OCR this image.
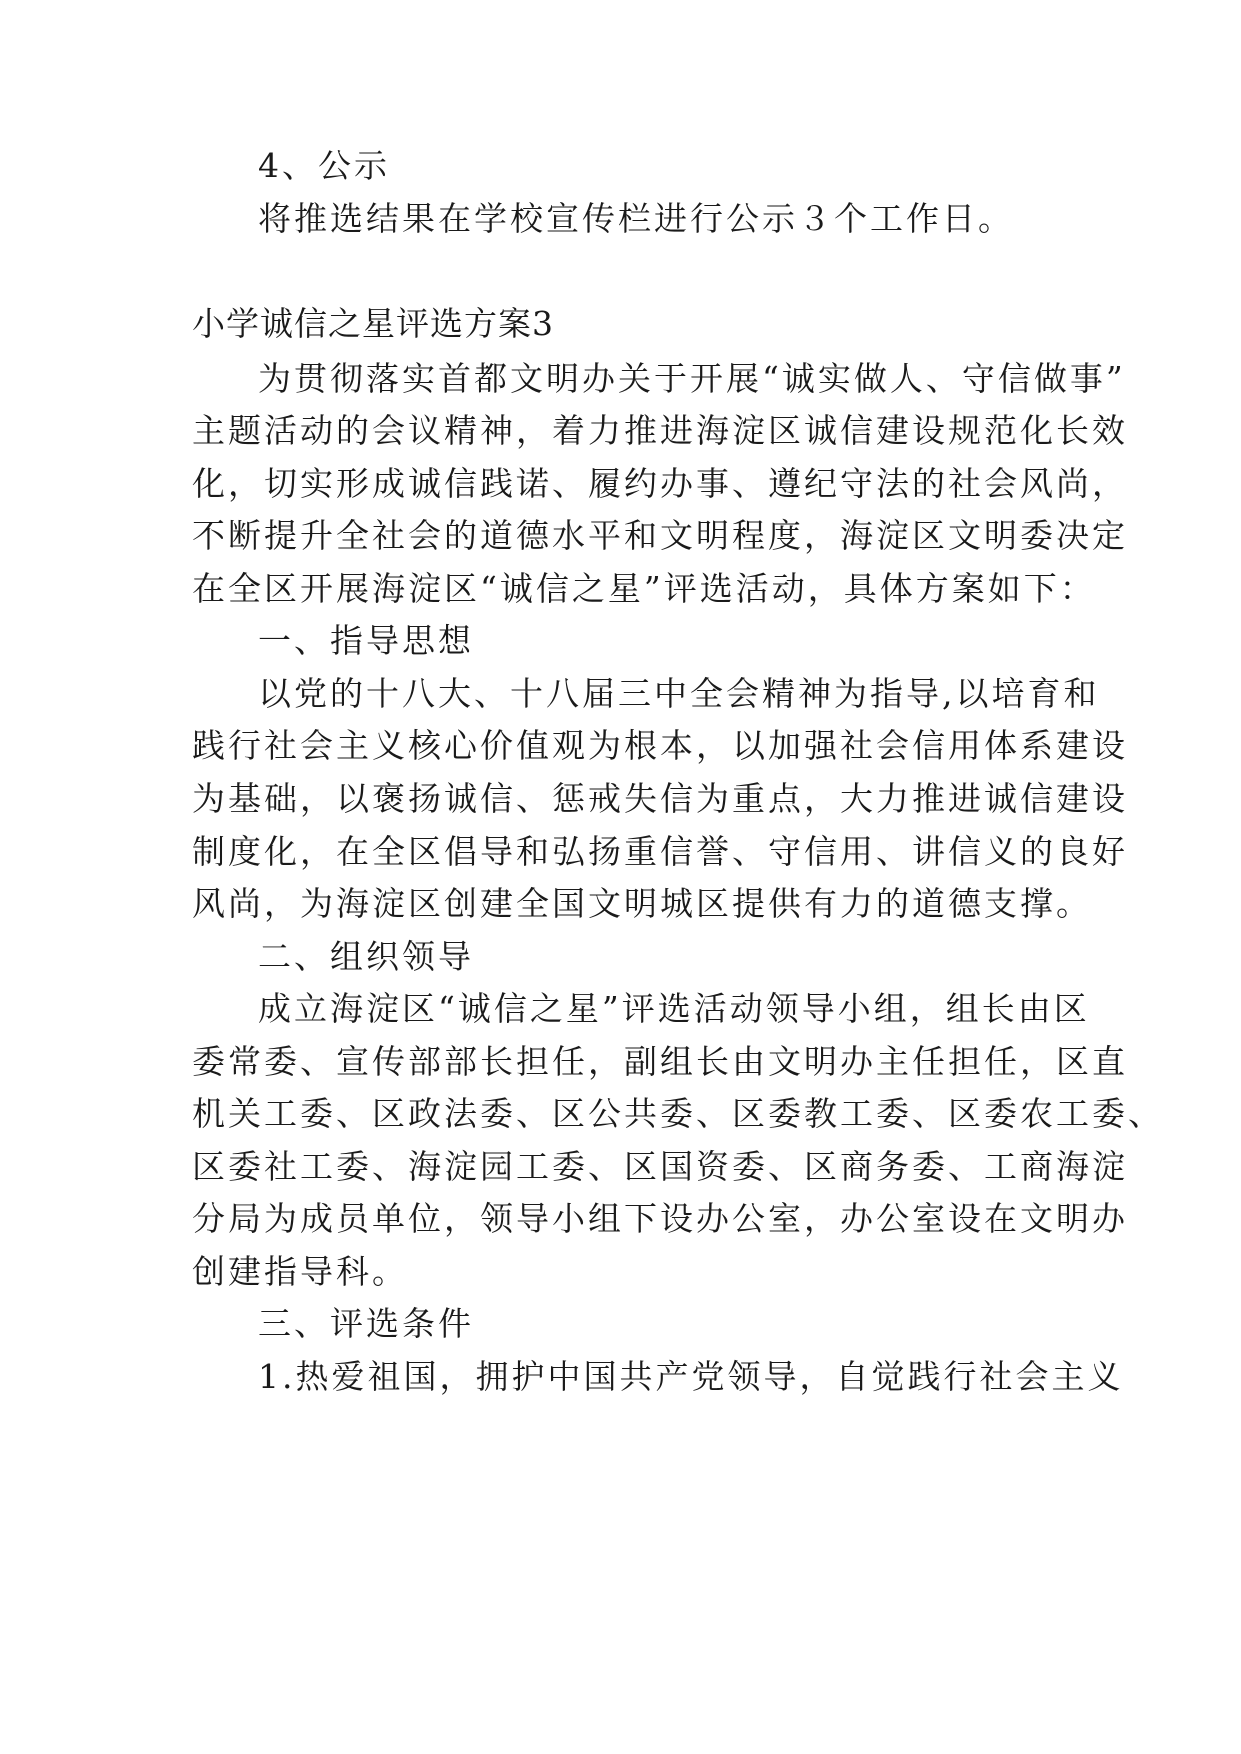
4、公示
将推选结果在学校宣传栏进行公示３个工作日。
小学诚信之星评选方案3
为贯彻落实首都文明办关于开展“诚实做人、守信做事”
主题活动的会议精神，着力推进海淀区诚信建设规范化长效
化，切实形成诚信践诺、履约办事、遵纪守法的社会风尚，
不断提升全社会的道德水平和文明程度，海淀区文明委决定
在全区开展海淀区“诚信之星”评选活动，具体方案如下：
一、指导思想
以党的十八大、十八届三中全会精神为指导,以培育和
践行社会主义核心价值观为根本，以加强社会信用体系建设
为基础，以褒扬诚信、惩戒失信为重点，大力推进诚信建设
制度化，在全区倡导和弘扬重信誉、守信用、讲信义的良好
风尚，为海淀区创建全国文明城区提供有力的道德支撑。
二、组织领导
成立海淀区“诚信之星”评选活动领导小组，组长由区
委常委、宣传部部长担任，副组长由文明办主任担任，区直
机关工委、区政法委、区公共委、区委教工委、区委农工委、
区委社工委、海淀园工委、区国资委、区商务委、工商海淀
分局为成员单位，领导小组下设办公室，办公室设在文明办
创建指导科。
三、评选条件
1.热爱祖国，拥护中国共产党领导，自觉践行社会主义
